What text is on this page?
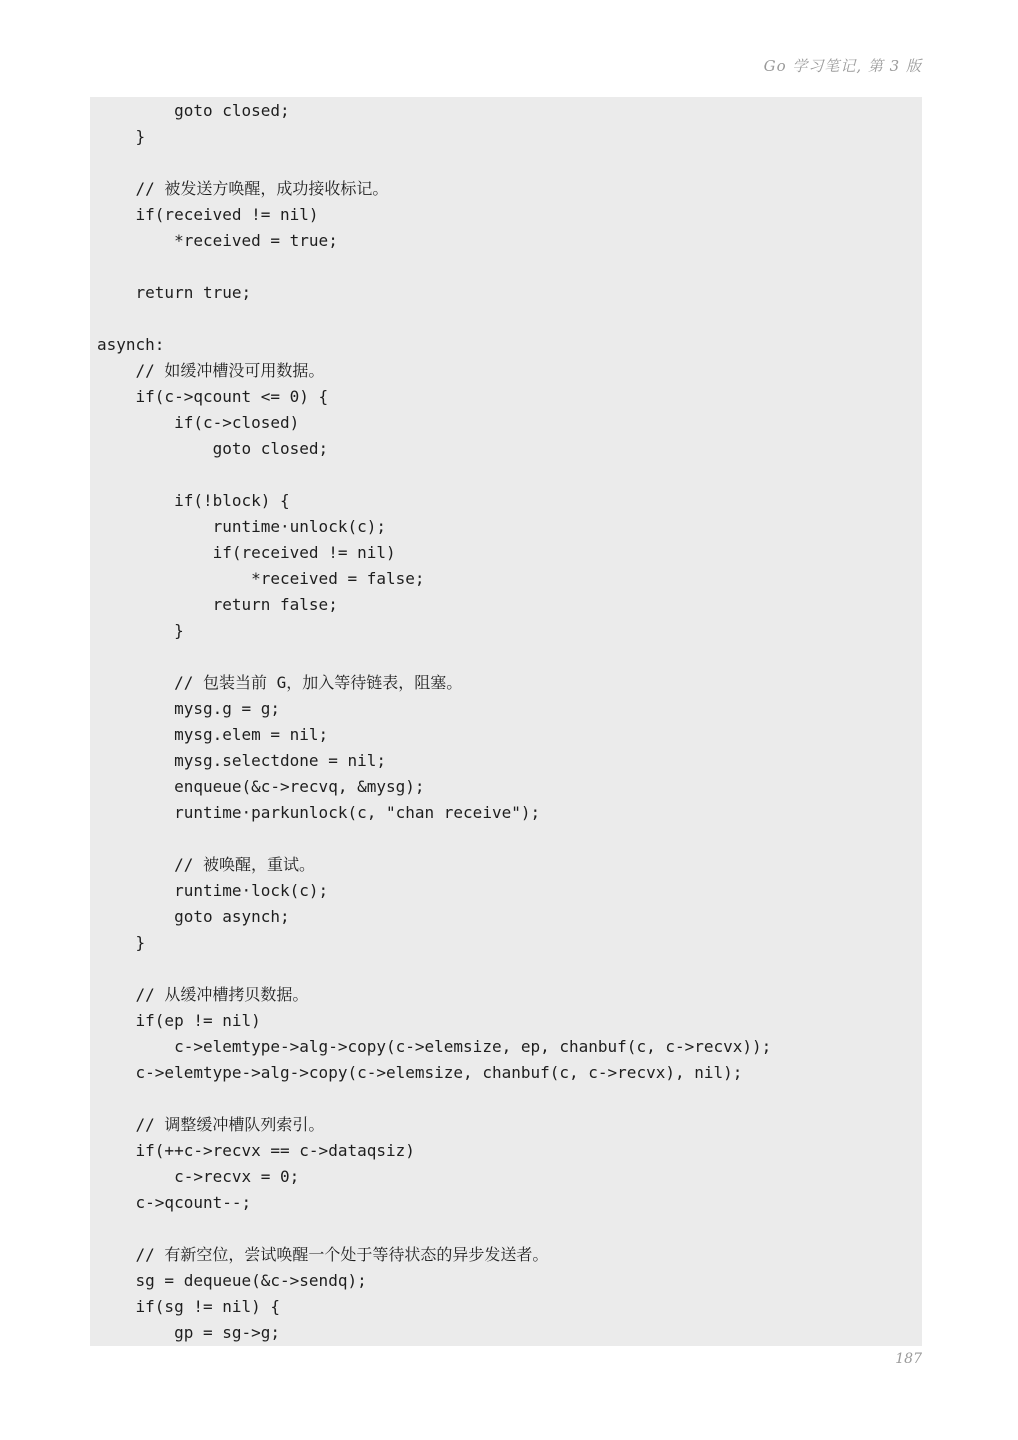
Go 学习笔记, 第 3 版
goto closed;
}

// 被发送方唤醒，成功接收标记。
if(received != nil)
*received = true;

return true;

asynch:
// 如缓冲槽没可用数据。
if(c->qcount <= 0) {
if(c->closed)
goto closed;

if(!block) {
runtime·unlock(c);
if(received != nil)
*received = false;
return false;
}

// 包装当前 G，加入等待链表，阻塞。
mysg.g = g;
mysg.elem = nil;
mysg.selectdone = nil;
enqueue(&c->recvq, &mysg);
runtime·parkunlock(c, "chan receive");

// 被唤醒，重试。
runtime·lock(c);
goto asynch;
}

// 从缓冲槽拷贝数据。
if(ep != nil)
c->elemtype->alg->copy(c->elemsize, ep, chanbuf(c, c->recvx));
c->elemtype->alg->copy(c->elemsize, chanbuf(c, c->recvx), nil);

// 调整缓冲槽队列索引。
if(++c->recvx == c->dataqsiz)
c->recvx = 0;
c->qcount--;

// 有新空位，尝试唤醒一个处于等待状态的异步发送者。
sg = dequeue(&c->sendq);
if(sg != nil) {
gp = sg->g;
187
